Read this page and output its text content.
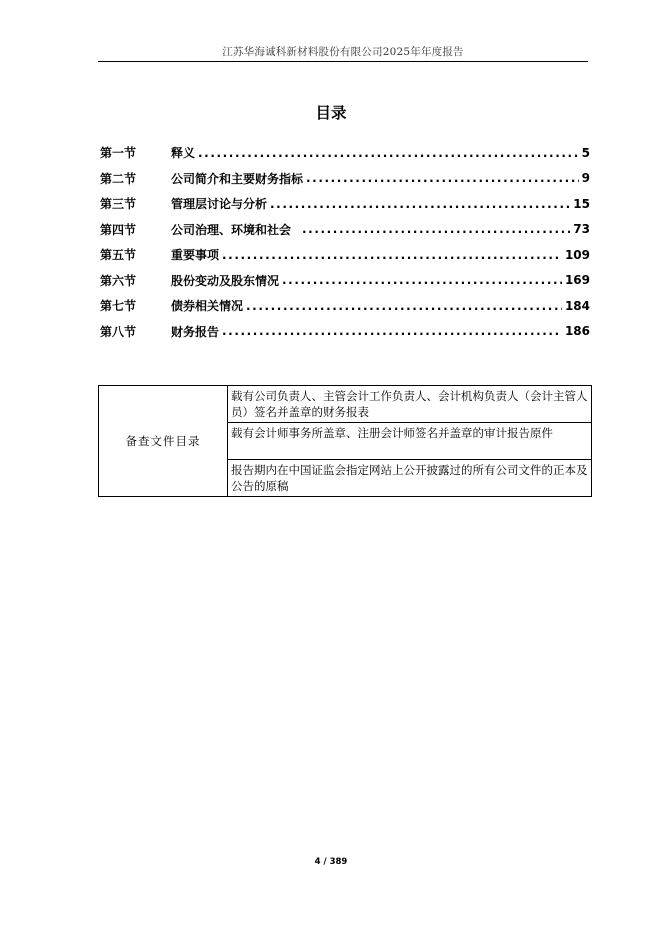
江苏华海诚科新材料股份有限公司2025年年度报告
目录
第一节	释义 .....	5
第二节	公司简介和主要财务指标 .....	9
第三节	管理层讨论与分析 .....	15
第四节	公司治理、环境和社会 .....	73
第五节	重要事项 .....	109
第六节	股份变动及股东情况 .....	169
第七节	债券相关情况 .....	184
第八节	财务报告 .....	186
备查文件目录	载有公司负责人、主管会计工作负责人、会计机构负责人（会计主管人员）签名并盖章的财务报表
载有会计师事务所盖章、注册会计师签名并盖章的审计报告原件
报告期内在中国证监会指定网站上公开披露过的所有公司文件的正本及公告的原稿
4 / 389
